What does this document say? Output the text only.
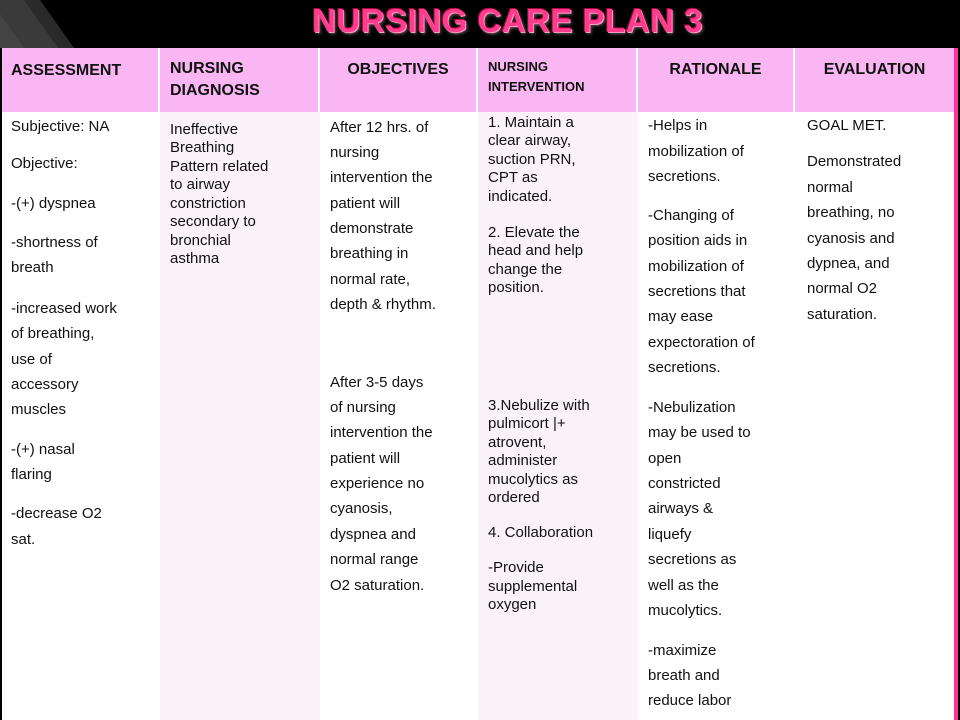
NURSING CARE PLAN 3
ASSESSMENT
Subjective: NA
Objective:
-(+) dyspnea
-shortness of
breath
-increased work
of breathing,
use of
accessory
muscles
-(+) nasal
flaring
-decrease O2
sat.
NURSING
DIAGNOSIS
Ineffective
Breathing
Pattern related
to airway
constriction
secondary to
bronchial
asthma
OBJECTIVES
After 12 hrs. of
nursing
intervention the
patient will
demonstrate
breathing in
normal rate,
depth & rhythm.
After 3-5 days
of nursing
intervention the
patient will
experience no
cyanosis,
dyspnea and
normal range
O2 saturation.
NURSING
INTERVENTION
1. Maintain a
clear airway,
suction PRN,
CPT as
indicated.
2. Elevate the
head and help
change the
position.
3.Nebulize with
pulmicort |+
atrovent,
administer
mucolytics as
ordered
4. Collaboration
-Provide
supplemental
oxygen
RATIONALE
-Helps in
mobilization of
secretions.
-Changing of
position aids in
mobilization of
secretions that
may ease
expectoration of
secretions.
-Nebulization
may be used to
open
constricted
airways &
liquefy
secretions as
well as the
mucolytics.
-maximize
breath and
reduce labor
EVALUATION
GOAL MET.
Demonstrated
normal
breathing, no
cyanosis and
dypnea, and
normal O2
saturation.
